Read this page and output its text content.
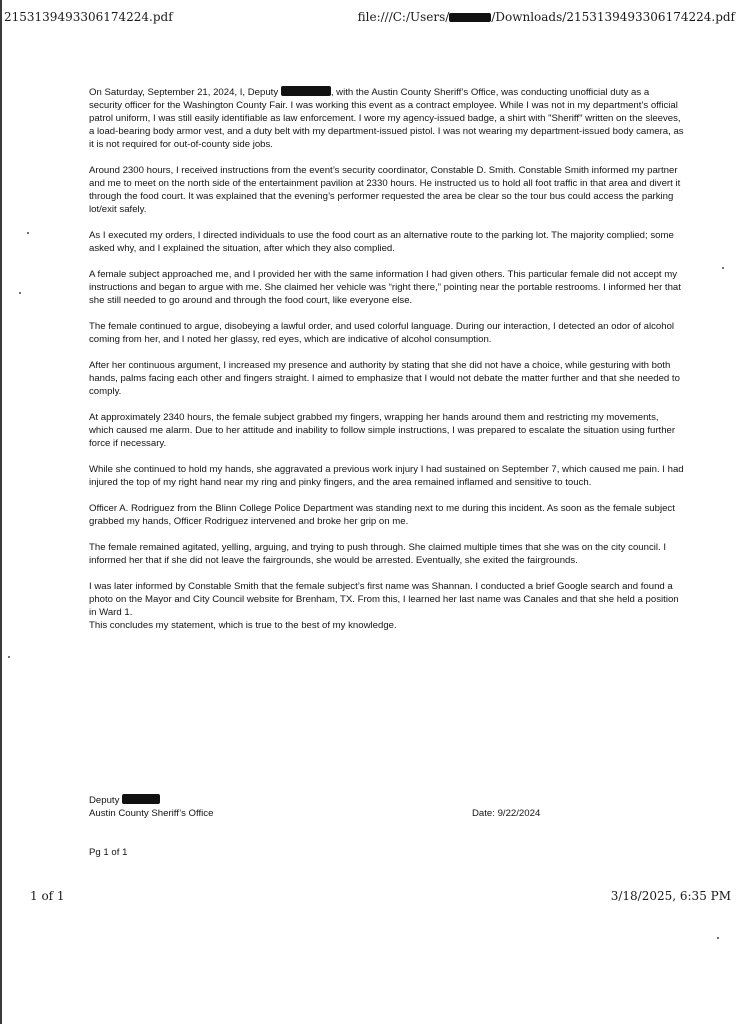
21531394933061742​24.pdf	file:///C:/Users/	/Downloads/2153139493306174224.pdf

On Saturday, September 21, 2024, I, Deputy	, with the Austin County Sheriff’s Office, was conducting unofficial duty as a security officer for the Washington County Fair. I was working this event as a contract employee. While I was not in my department’s official patrol uniform, I was still easily identifiable as law enforcement. I wore my agency-issued badge, a shirt with "Sheriff" written on the sleeves, a load-bearing body armor vest, and a duty belt with my department-issued pistol. I was not wearing my department-issued body camera, as it is not required for out-of-county side jobs.

Around 2300 hours, I received instructions from the event’s security coordinator, Constable D. Smith. Constable Smith informed my partner and me to meet on the north side of the entertainment pavilion at 2330 hours. He instructed us to hold all foot traffic in that area and divert it through the food court. It was explained that the evening’s performer requested the area be clear so the tour bus could access the parking lot/exit safely.

As I executed my orders, I directed individuals to use the food court as an alternative route to the parking lot. The majority complied; some asked why, and I explained the situation, after which they also complied.

A female subject approached me, and I provided her with the same information I had given others. This particular female did not accept my instructions and began to argue with me. She claimed her vehicle was “right there,” pointing near the portable restrooms. I informed her that she still needed to go around and through the food court, like everyone else.

The female continued to argue, disobeying a lawful order, and used colorful language. During our interaction, I detected an odor of alcohol coming from her, and I noted her glassy, red eyes, which are indicative of alcohol consumption.

After her continuous argument, I increased my presence and authority by stating that she did not have a choice, while gesturing with both hands, palms facing each other and fingers straight. I aimed to emphasize that I would not debate the matter further and that she needed to comply.

At approximately 2340 hours, the female subject grabbed my fingers, wrapping her hands around them and restricting my movements, which caused me alarm. Due to her attitude and inability to follow simple instructions, I was prepared to escalate the situation using further force if necessary.

While she continued to hold my hands, she aggravated a previous work injury I had sustained on September 7, which caused me pain. I had injured the top of my right hand near my ring and pinky fingers, and the area remained inflamed and sensitive to touch.

Officer A. Rodriguez from the Blinn College Police Department was standing next to me during this incident. As soon as the female subject grabbed my hands, Officer Rodriguez intervened and broke her grip on me.

The female remained agitated, yelling, arguing, and trying to push through. She claimed multiple times that she was on the city council. I informed her that if she did not leave the fairgrounds, she would be arrested. Eventually, she exited the fairgrounds.

I was later informed by Constable Smith that the female subject’s first name was Shannan. I conducted a brief Google search and found a photo on the Mayor and City Council website for Brenham, TX. From this, I learned her last name was Canales and that she held a position in Ward 1.

This concludes my statement, which is true to the best of my knowledge.

Deputy
Austin County Sheriff’s Office	Date: 9/22/2024
Pg 1 of 1
1 of 1	3/18/2025, 6:35 PM
